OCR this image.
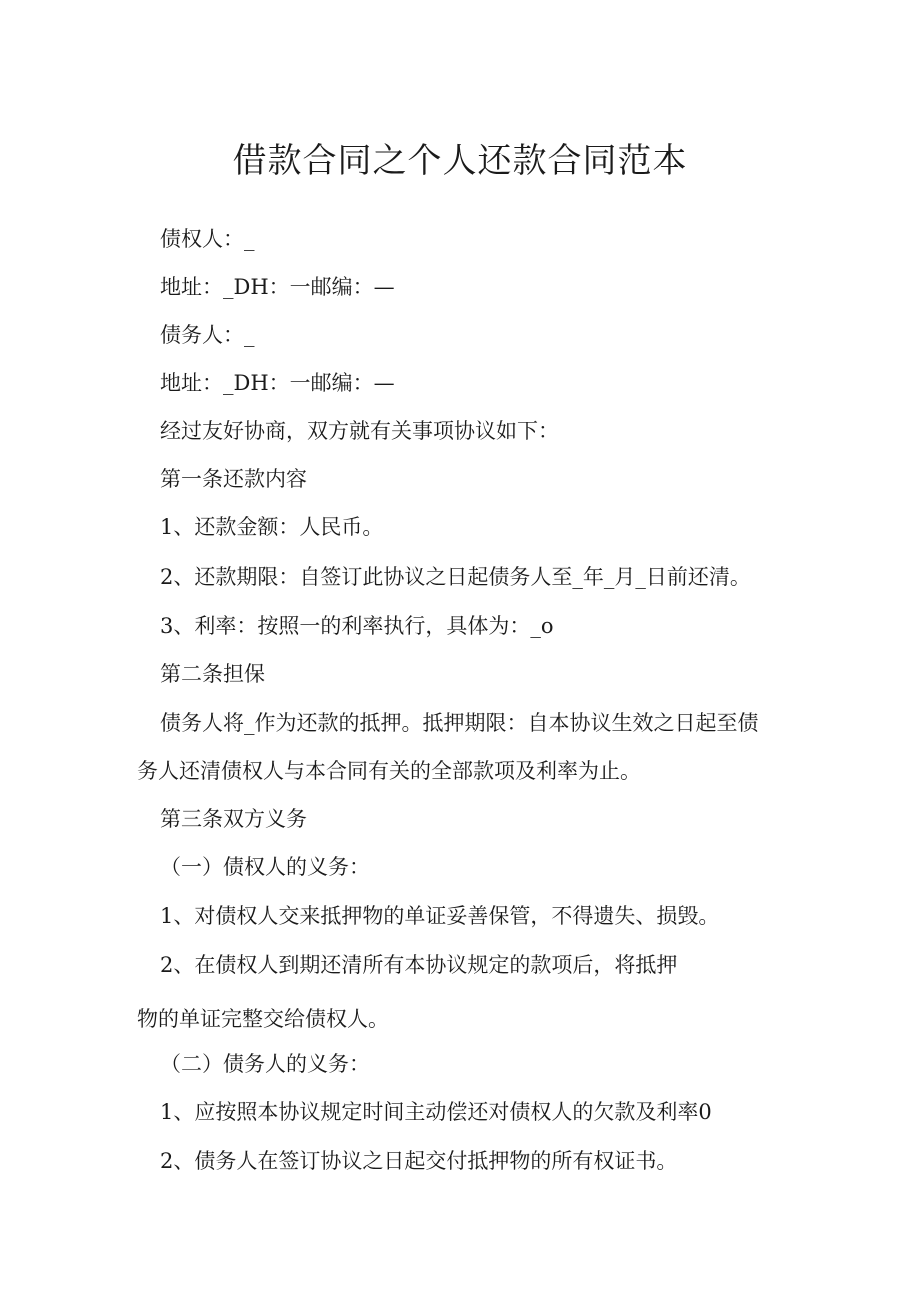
借款合同之个人还款合同范本

债权人：_

地址：_DH：一邮编：—

债务人：_

地址：_DH：一邮编：—

经过友好协商，双方就有关事项协议如下：

第一条还款内容

1、还款金额：人民币。

2、还款期限：自签订此协议之日起债务人至_年_月_日前还清。

3、利率：按照一的利率执行，具体为：_o

第二条担保

债务人将_作为还款的抵押。抵押期限：自本协议生效之日起至债

务人还清债权人与本合同有关的全部款项及利率为止。

第三条双方义务

（一）债权人的义务：

1、对债权人交来抵押物的单证妥善保管，不得遗失、损毁。

2、在债权人到期还清所有本协议规定的款项后，将抵押

物的单证完整交给债权人。

（二）债务人的义务：

1、应按照本协议规定时间主动偿还对债权人的欠款及利率0

2、债务人在签订协议之日起交付抵押物的所有权证书。
